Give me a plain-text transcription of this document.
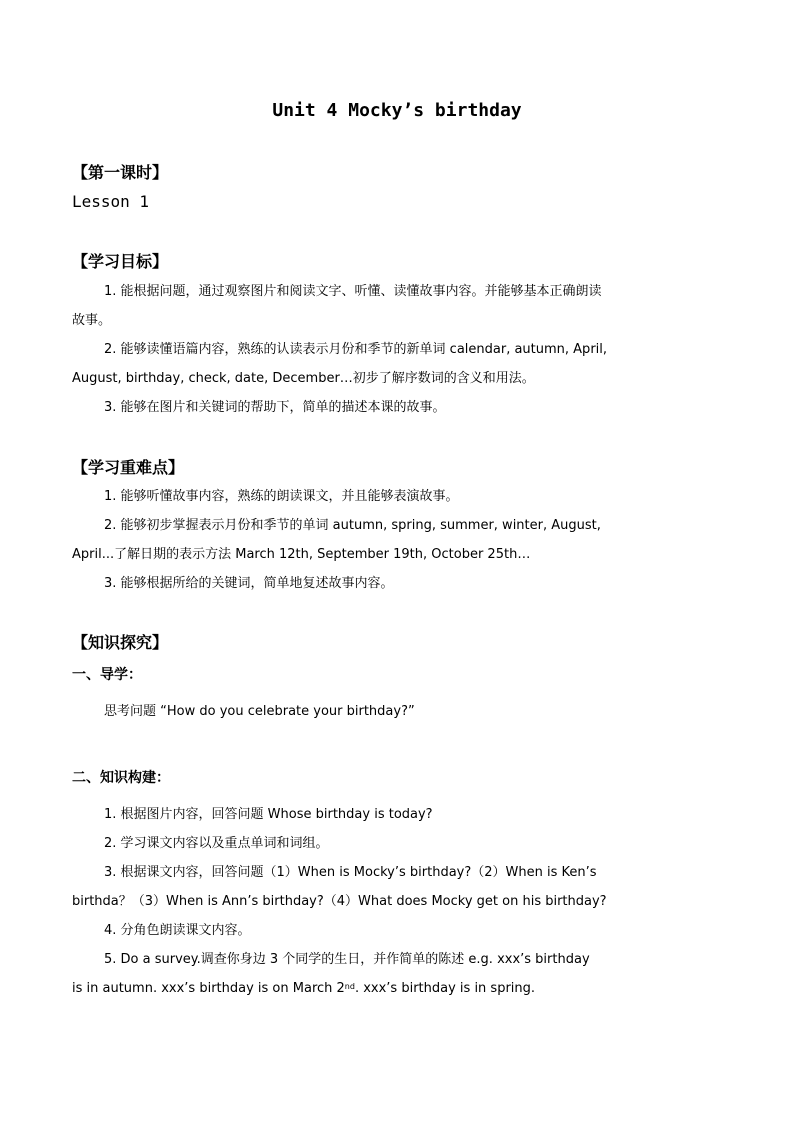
Unit 4 Mocky’s birthday
【第一课时】
Lesson 1
【学习目标】
1. 能根据问题，通过观察图片和阅读文字、听懂、读懂故事内容。并能够基本正确朗读
故事。
2. 能够读懂语篇内容，熟练的认读表示月份和季节的新单词 calendar, autumn, April,
August, birthday, check, date, December…初步了解序数词的含义和用法。
3. 能够在图片和关键词的帮助下，简单的描述本课的故事。
【学习重难点】
1. 能够听懂故事内容，熟练的朗读课文，并且能够表演故事。
2. 能够初步掌握表示月份和季节的单词 autumn, spring, summer, winter, August,
April...了解日期的表示方法 March 12th, September 19th, October 25th…
3. 能够根据所给的关键词，简单地复述故事内容。
【知识探究】
一、导学：
思考问题 “How do you celebrate your birthday?”
二、知识构建：
1. 根据图片内容，回答问题 Whose birthday is today?
2. 学习课文内容以及重点单词和词组。
3. 根据课文内容，回答问题（1）When is Mocky’s birthday?（2）When is Ken’s
birthda？（3）When is Ann’s birthday?（4）What does Mocky get on his birthday?
4. 分角色朗读课文内容。
5. Do a survey.调查你身边 3 个同学的生日，并作简单的陈述 e.g. xxx’s birthday
is in autumn. xxx’s birthday is on March 2nd. xxx’s birthday is in spring.
